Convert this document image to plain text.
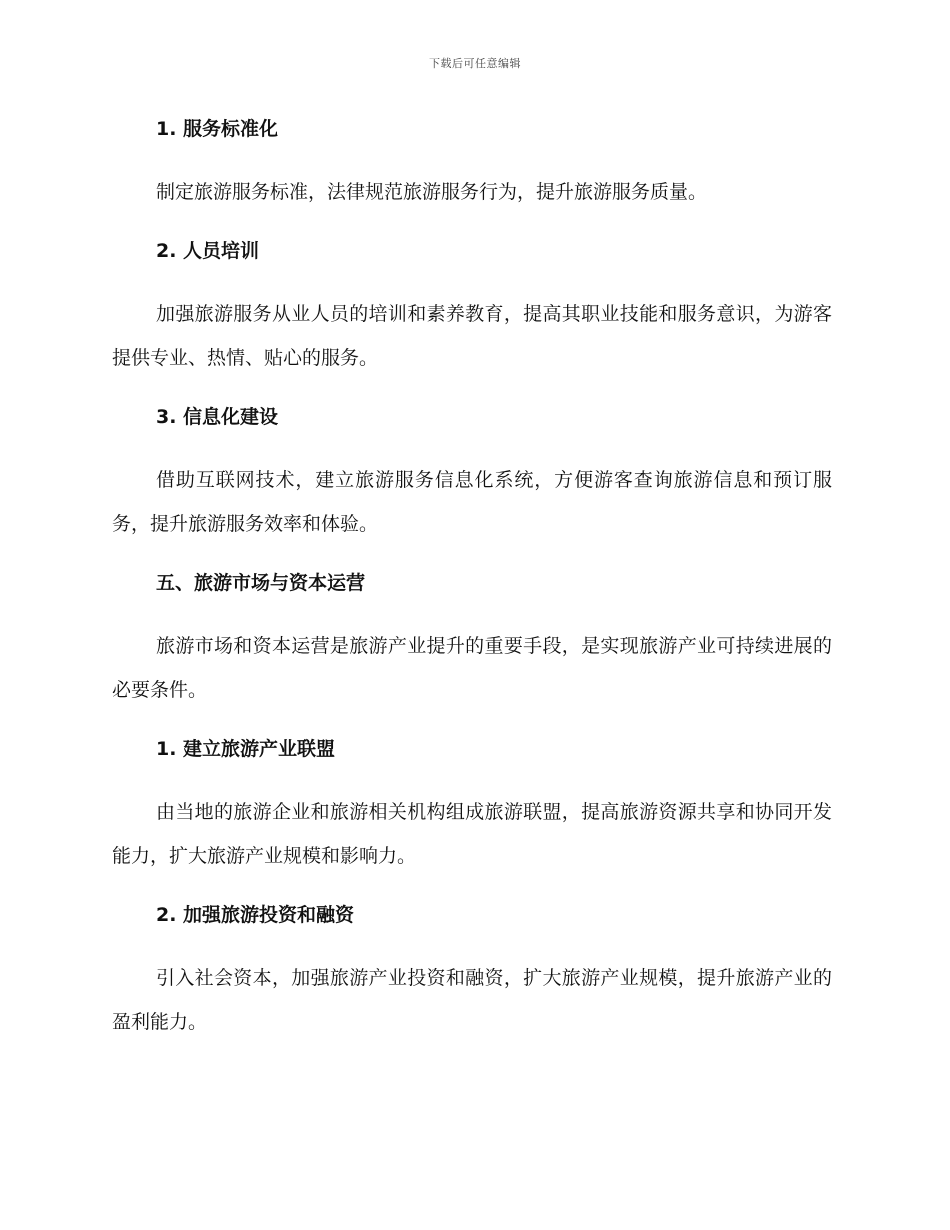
下载后可任意编辑
1. 服务标准化

制定旅游服务标准，法律规范旅游服务行为，提升旅游服务质量。

2. 人员培训

加强旅游服务从业人员的培训和素养教育，提高其职业技能和服务意识，为游客提供专业、热情、贴心的服务。

3. 信息化建设

借助互联网技术，建立旅游服务信息化系统，方便游客查询旅游信息和预订服务，提升旅游服务效率和体验。

五、旅游市场与资本运营

旅游市场和资本运营是旅游产业提升的重要手段，是实现旅游产业可持续进展的必要条件。

1. 建立旅游产业联盟

由当地的旅游企业和旅游相关机构组成旅游联盟，提高旅游资源共享和协同开发能力，扩大旅游产业规模和影响力。

2. 加强旅游投资和融资

引入社会资本，加强旅游产业投资和融资，扩大旅游产业规模，提升旅游产业的盈利能力。
